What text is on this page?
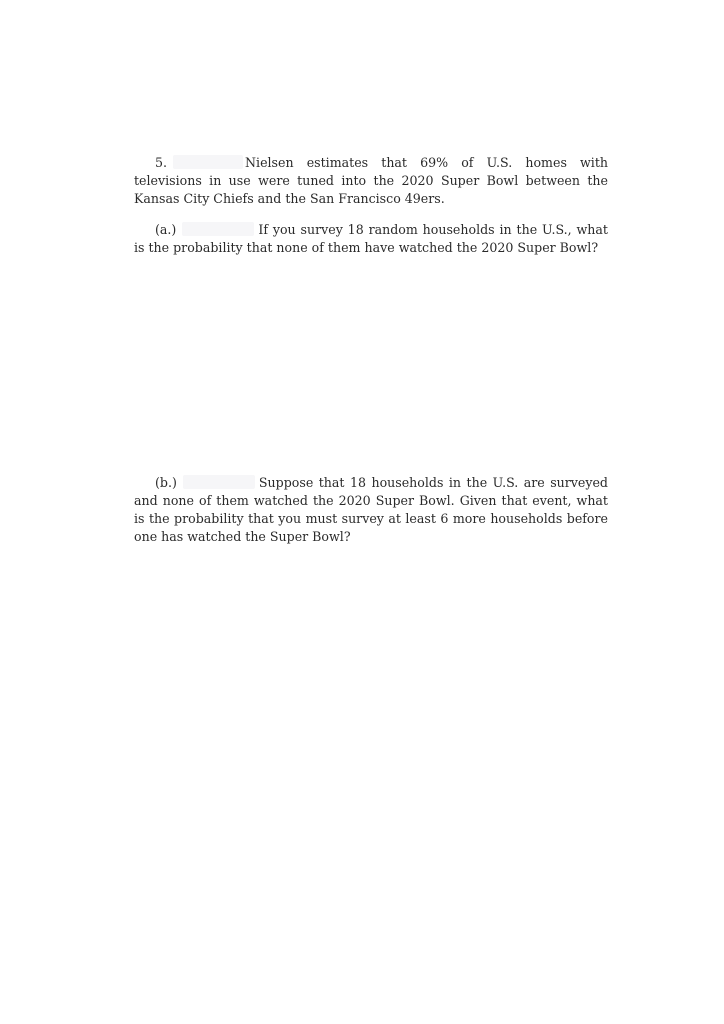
5.	Nielsen estimates that 69% of U.S. homes with televisions in use were tuned into the 2020 Super Bowl between the Kansas City Chiefs and the San Francisco 49ers.

(a.)	If you survey 18 random households in the U.S., what is the probability that none of them have watched the 2020 Super Bowl?

(b.)	Suppose that 18 households in the U.S. are surveyed and none of them watched the 2020 Super Bowl. Given that event, what is the probability that you must survey at least 6 more households before one has watched the Super Bowl?
